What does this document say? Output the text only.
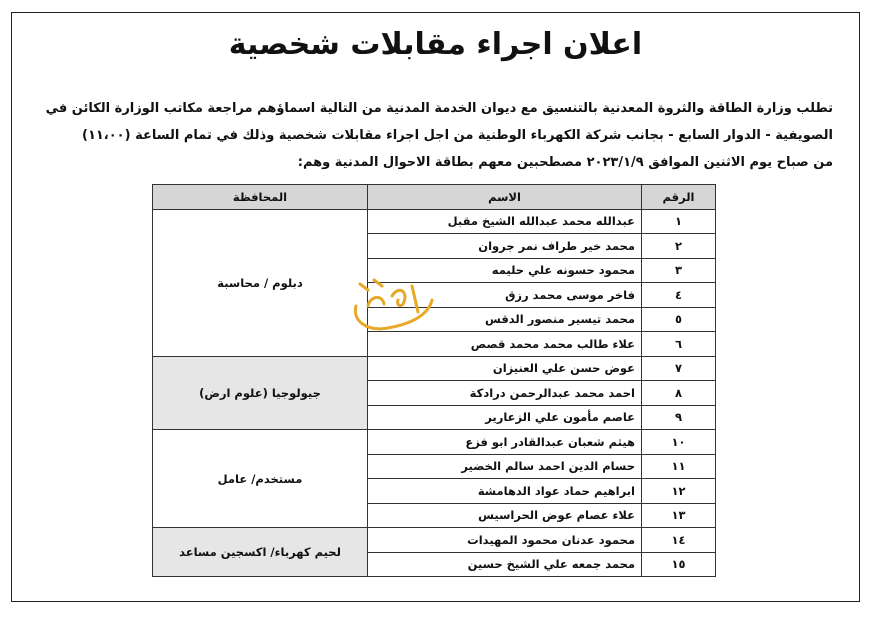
اعلان اجراء مقابلات شخصية
تطلب وزارة الطاقة والثروة المعدنية بالتنسيق مع ديوان الخدمة المدنية من التالية اسماؤهم مراجعة مكاتب الوزارة الكائن في
الصويفية - الدوار السابع - بجانب شركة الكهرباء الوطنية من اجل اجراء مقابلات شخصية وذلك في تمام الساعة (١١،٠٠)
من صباح يوم الاثنين الموافق ٢٠٢٣/١/٩ مصطحبين معهم بطاقة الاحوال المدنية وهم:
الرقم	الاسم	المحافظة
١	عبدالله محمد عبدالله الشيخ مقبل	دبلوم / محاسبة
٢	محمد خير طراف نمر جروان	
٣	محمود حسونه علي حليمه	
٤	فاخر موسى محمد رزق	
٥	محمد تيسير منصور الدقس	
٦	علاء طالب محمد محمد قصص	
٧	عوض حسن علي العنيزان	جيولوجيا (علوم ارض)
٨	احمد محمد عبدالرحمن درادكة	
٩	عاصم مأمون علي الزعارير	
١٠	هيثم شعبان عبدالقادر ابو فزع	مستخدم/ عامل
١١	حسام الدين احمد سالم الخضير	
١٢	ابراهيم حماد عواد الدهامشة	
١٣	علاء عصام عوض الحراسيس	
١٤	محمود عدنان محمود المهيدات	لحيم كهرباء/ اكسجين مساعد
١٥	محمد جمعه علي الشيخ حسين	
